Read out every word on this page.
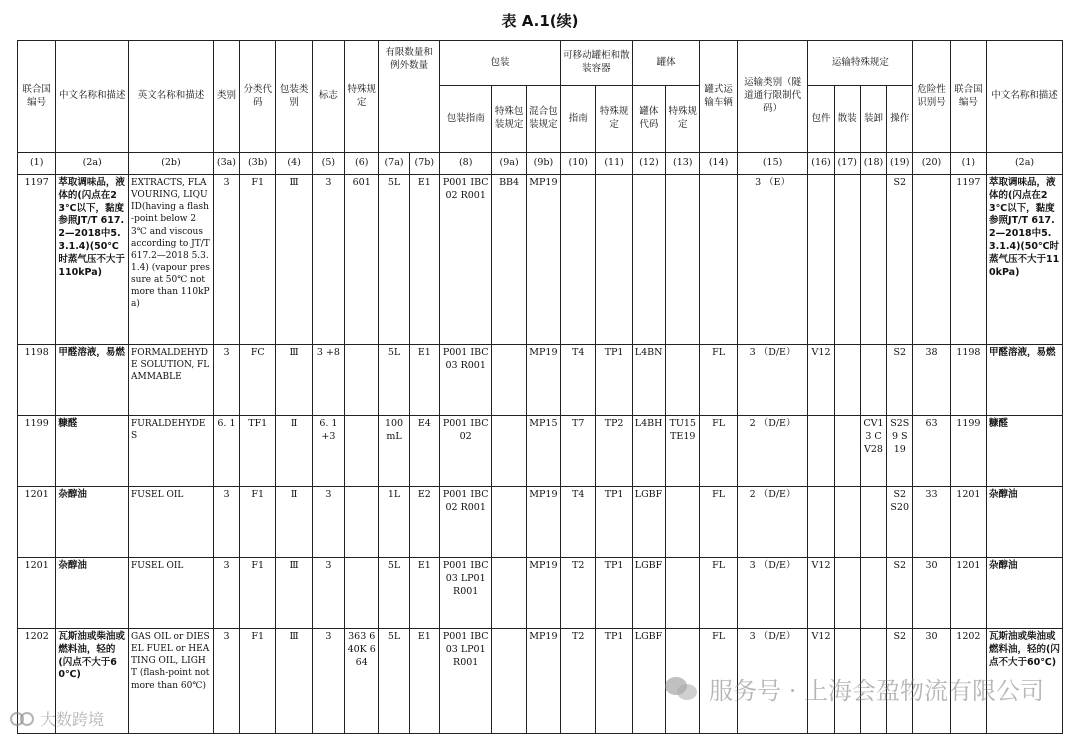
表 A.1(续)
联合国编号	中文名称和描述	英文名称和描述	类别	分类代码	包装类别	标志	特殊规定	有限数量和例外数量		包装			可移动罐柜和散装容器		罐体		罐式运输车辆	运输类别（隧道通行限制代码）	运输特殊规定				危险性识别号	联合国编号	中文名称和描述
										包装指南	特殊包装规定	混合包装规定	指南	特殊规定	罐体代码	特殊规定			包件	散装	装卸	操作			
(1)	(2a)	(2b)	(3a)	(3b)	(4)	(5)	(6)	(7a)	(7b)	(8)	(9a)	(9b)	(10)	(11)	(12)	(13)	(14)	(15)	(16)	(17)	(18)	(19)	(20)	(1)	(2a)
1197	萃取调味品，液体的(闪点在23℃以下，黏度参照JT/T 617.2—2018中5.3.1.4)(50℃时蒸气压不大于110kPa)	EXTRACTS, FLAVOURING, LIQUID(having a flash-point below 23℃ and viscous according to JT/T 617.2—2018 5.3.1.4) (vapour pressure at 50℃ not more than 110kPa)	3	F1	Ⅲ	3	601	5L	E1	P001 IBC02 R001	BB4	MP19						3 （E）				S2		1197	萃取调味品，液体的(闪点在23℃以下，黏度参照JT/T 617.2—2018中5.3.1.4)(50℃时蒸气压不大于110kPa)
1198	甲醛溶液，易燃	FORMALDEHYDE SOLUTION, FLAMMABLE	3	FC	Ⅲ	3 +8		5L	E1	P001 IBC03 R001		MP19	T4	TP1	L4BN		FL	3 （D/E）	V12			S2	38	1198	甲醛溶液，易燃
1199	糠醛	FURALDEHYDES	6. 1	TF1	Ⅱ	6. 1 +3		100mL	E4	P001 IBC02		MP15	T7	TP2	L4BH	TU15 TE19	FL	2 （D/E）			CV13 CV28	S2S9 S19	63	1199	糠醛
1201	杂醇油	FUSEL OIL	3	F1	Ⅱ	3		1L	E2	P001 IBC02 R001		MP19	T4	TP1	LGBF		FL	2 （D/E）				S2 S20	33	1201	杂醇油
1201	杂醇油	FUSEL OIL	3	F1	Ⅲ	3		5L	E1	P001 IBC03 LP01 R001		MP19	T2	TP1	LGBF		FL	3 （D/E）	V12			S2	30	1201	杂醇油
1202	瓦斯油或柴油或燃料油，轻的(闪点不大于60℃)	GAS OIL or DIESEL FUEL or HEATING OIL, LIGHT (flash-point not more than 60℃)	3	F1	Ⅲ	3	363 640K 664	5L	E1	P001 IBC03 LP01 R001		MP19	T2	TP1	LGBF		FL	3 （D/E）	V12			S2	30	1202	瓦斯油或柴油或燃料油，轻的(闪点不大于60℃)
服务号 · 上海会盈物流有限公司
大数跨境
